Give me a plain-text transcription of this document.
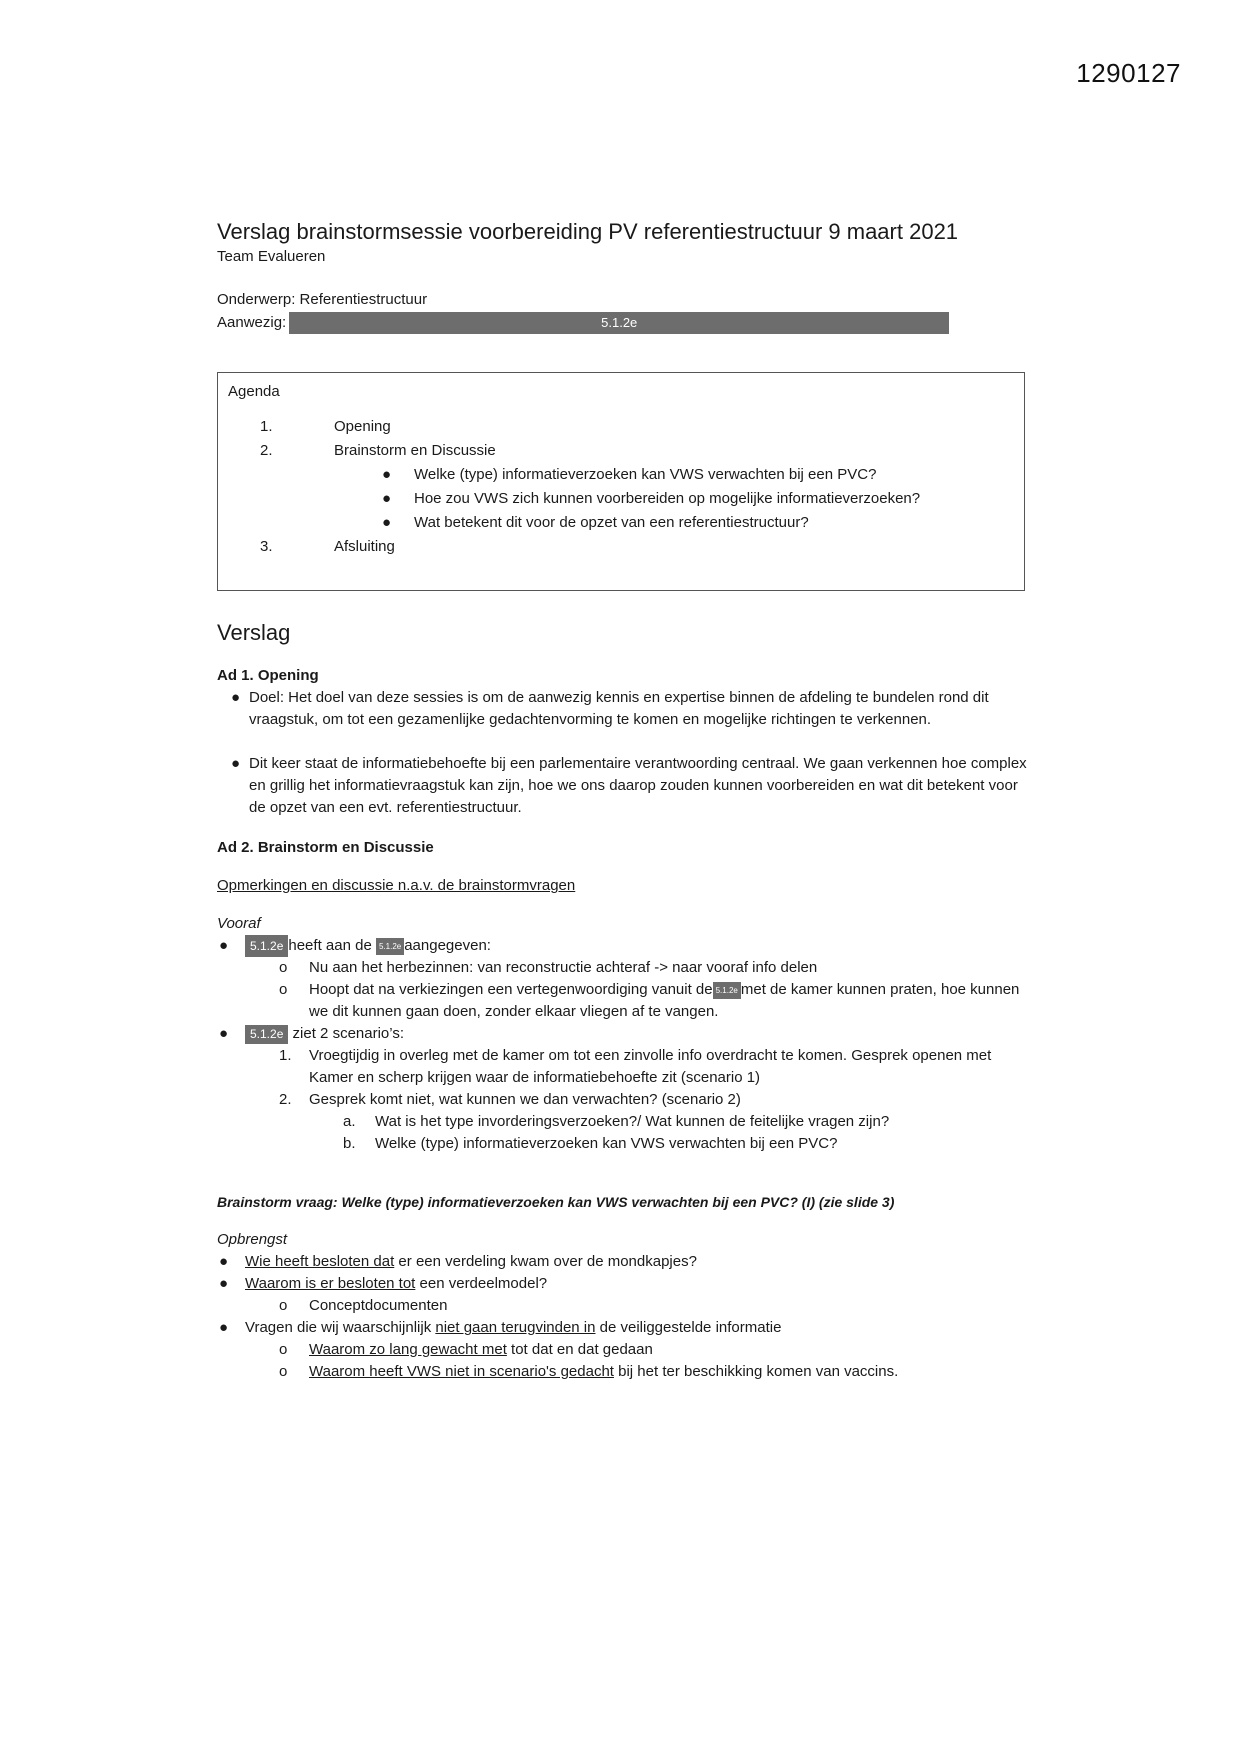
1290127
Verslag brainstormsessie voorbereiding PV referentiestructuur 9 maart 2021

Team Evalueren

Onderwerp:
Referentiestructuur
Aanwezig:	5.1.2e
Agenda
1.	Opening
2.	Brainstorm en Discussie
●	Welke (type) informatieverzoeken kan VWS verwachten bij een PVC?
●	Hoe zou VWS zich kunnen voorbereiden op mogelijke informatieverzoeken?
●	Wat betekent dit voor de opzet van een referentiestructuur?
3.	Afsluiting
Verslag
Ad 1. Opening
● Doel: Het doel van deze sessies is om de aanwezig kennis en expertise binnen de afdeling te bundelen rond dit vraagstuk, om tot een gezamenlijke gedachtenvorming te komen en mogelijke richtingen te verkennen.
● Dit keer staat de informatiebehoefte bij een parlementaire verantwoording centraal. We gaan verkennen hoe complex en grillig het informatievraagstuk kan zijn, hoe we ons daarop zouden kunnen voorbereiden en wat dit betekent voor de opzet van een evt. referentiestructuur.
Ad 2. Brainstorm en Discussie
Opmerkingen en discussie n.a.v. de brainstormvragen
Vooraf
●	5.1.2e heeft aan de
5.1.2e aangegeven:
o	Nu aan het herbezinnen: van reconstructie achteraf -> naar vooraf info delen
o	Hoopt dat na verkiezingen een vertegenwoordiging vanuit de 5.1.2e met de kamer kunnen praten, hoe kunnen we dit kunnen gaan doen, zonder elkaar vliegen af te vangen.
●	5.1.2e
ziet 2 scenario’s:
1.	Vroegtijdig in overleg met de kamer om tot een zinvolle info overdracht te komen. Gesprek openen met Kamer en scherp krijgen waar de informatiebehoefte zit (scenario 1)
2.	Gesprek komt niet, wat kunnen we dan verwachten? (scenario 2)
a.	Wat is het type invorderingsverzoeken?/ Wat kunnen de feitelijke vragen zijn?
b.	Welke (type) informatieverzoeken kan VWS verwachten bij een PVC?
Brainstorm vraag: Welke (type) informatieverzoeken kan VWS verwachten bij een PVC? (I) (zie slide 3)
Opbrengst
●	Wie heeft besloten dat er een verdeling kwam over de mondkapjes?
●	Waarom is er besloten tot een verdeelmodel?
o	Conceptdocumenten
●	Vragen die wij waarschijnlijk niet gaan terugvinden in de veiliggestelde informatie
o	Waarom zo lang gewacht met tot dat en dat gedaan
o	Waarom heeft VWS niet in scenario's gedacht bij het ter beschikking komen van vaccins.
